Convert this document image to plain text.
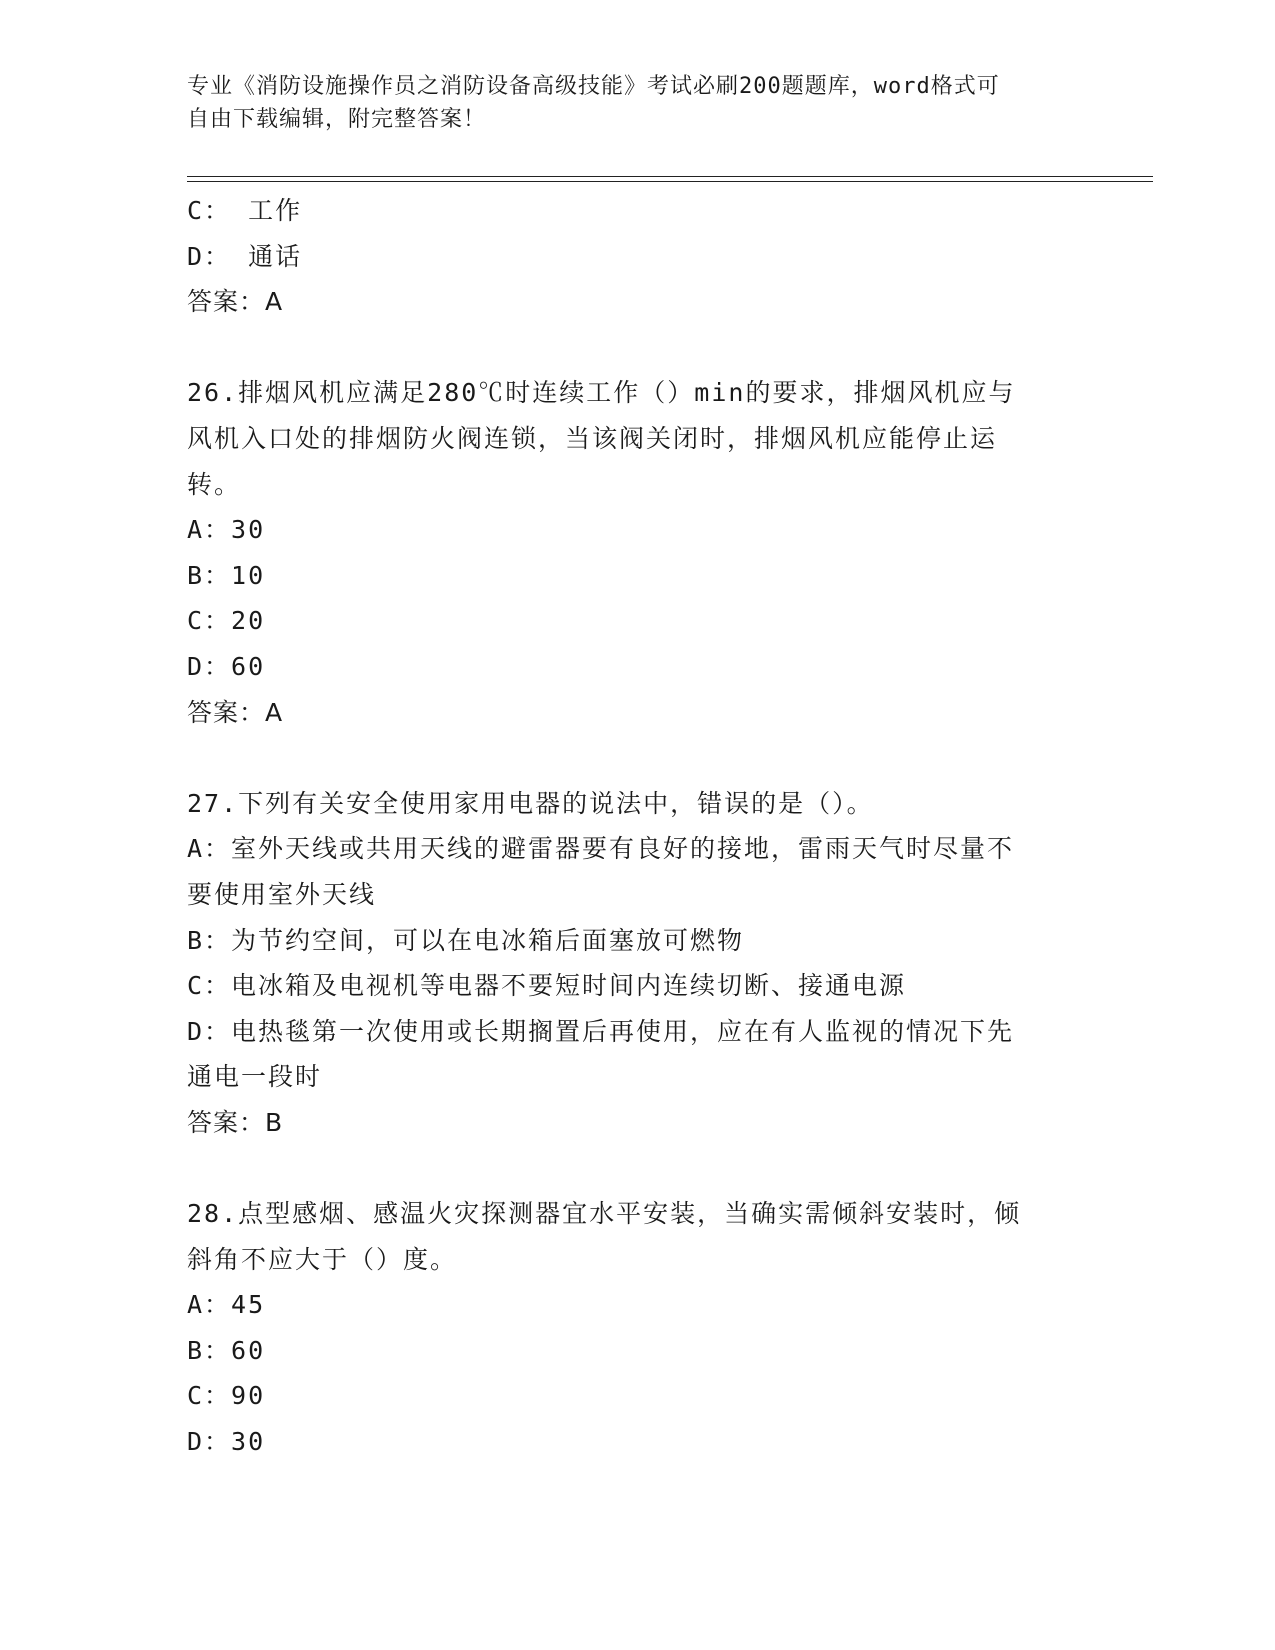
专业《消防设施操作员之消防设备高级技能》考试必刷200题题库，word格式可
自由下载编辑，附完整答案！
C： 工作
D： 通话
答案：A
26.排烟风机应满足280℃时连续工作（）min的要求，排烟风机应与
风机入口处的排烟防火阀连锁，当该阀关闭时，排烟风机应能停止运
转。
A：30
B：10
C：20
D：60
答案：A
27.下列有关安全使用家用电器的说法中，错误的是（）。
A：室外天线或共用天线的避雷器要有良好的接地，雷雨天气时尽量不
要使用室外天线
B：为节约空间，可以在电冰箱后面塞放可燃物
C：电冰箱及电视机等电器不要短时间内连续切断、接通电源
D：电热毯第一次使用或长期搁置后再使用，应在有人监视的情况下先
通电一段时
答案：B
28.点型感烟、感温火灾探测器宜水平安装，当确实需倾斜安装时，倾
斜角不应大于（）度。
A：45
B：60
C：90
D：30
